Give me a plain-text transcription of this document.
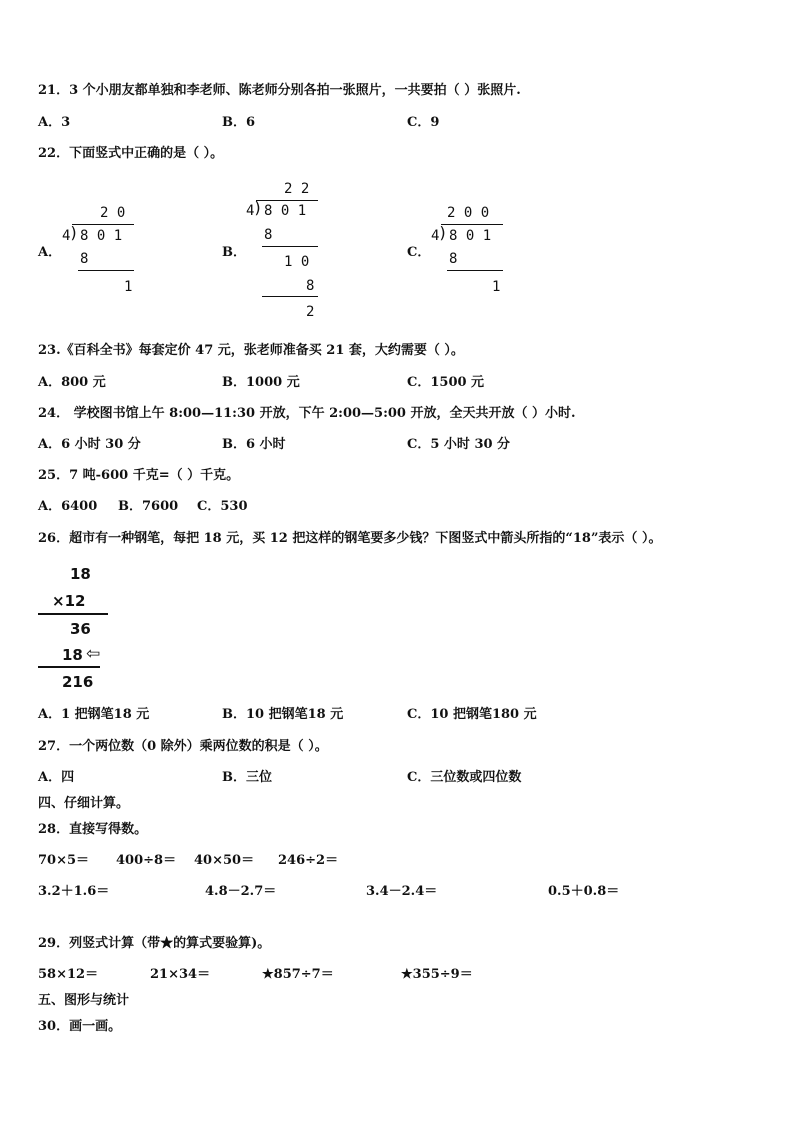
21．3 个小朋友都单独和李老师、陈老师分别各拍一张照片，一共要拍（ ）张照片.
A．3	B．6	C．9
22．下面竖式中正确的是（ ）。
A．
2 0
4
) 8 0 1
8
1
B．
2 2
4
) 8 0 1
8
1 0
8
2
C．
2 0 0
4
) 8 0 1
8
1
23.《百科全书》每套定价 47 元，张老师准备买 21 套，大约需要（ ）。
A．800 元	B．1000 元	C．1500 元
24． 学校图书馆上午 8:00—11:30 开放，下午 2:00—5:00 开放，全天共开放（ ）小时.
A．6 小时 30 分	B．6 小时	C．5 小时 30 分
25．7 吨-600 千克=（ ）千克。
A．6400 B．7600 C．530
26．超市有一种钢笔，每把 18 元，买 12 把这样的钢笔要多少钱？下图竖式中箭头所指的“18”表示（ ）。
18
×12
36
18 ⇦
216
A．1 把钢笔18 元	B．10 把钢笔18 元	C．10 把钢笔180 元
27．一个两位数（0 除外）乘两位数的积是（ ）。
A．四	B．三位	C．三位数或四位数
四、仔细计算。
28．直接写得数。
70×5＝ 400÷8＝ 40×50＝ 246÷2＝
3.2＋1.6＝	4.8－2.7＝	3.4－2.4＝	0.5＋0.8＝
29．列竖式计算（带★的算式要验算)。
58×12＝	21×34＝	★857÷7＝	★355÷9＝
五、图形与统计
30．画一画。
